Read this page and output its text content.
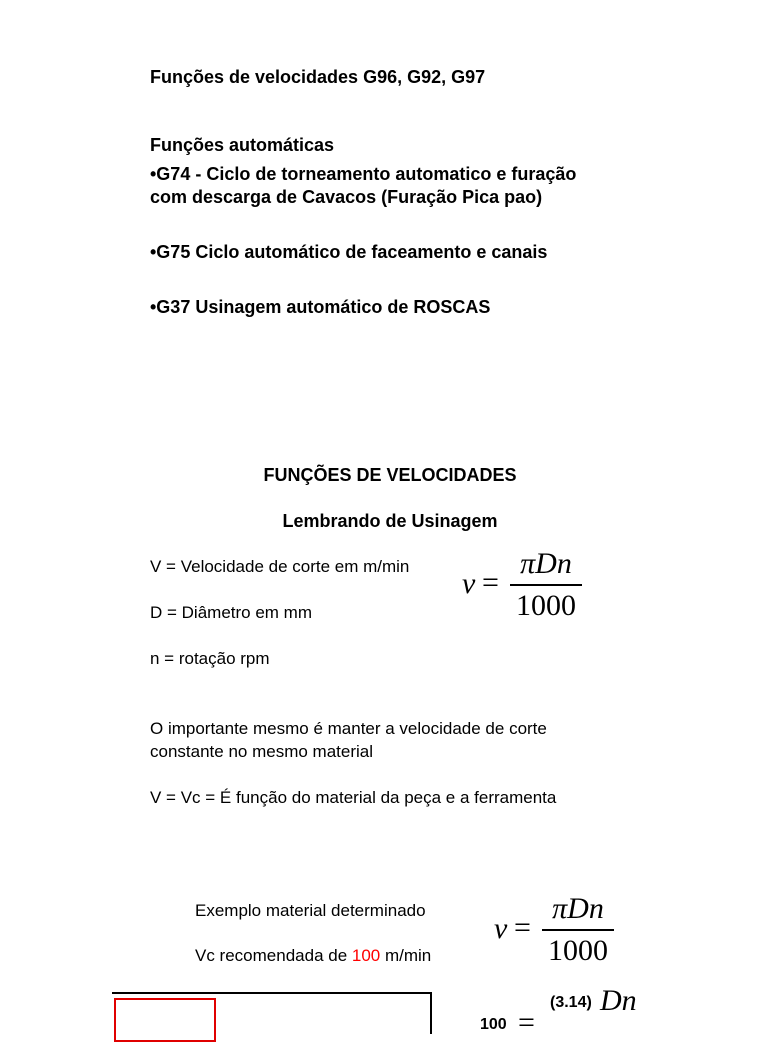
Funções de velocidades G96, G92, G97
Funções automáticas
•G74 - Ciclo de torneamento automatico e furação
com descarga de Cavacos (Furação Pica pao)
•G75 Ciclo automático de faceamento e canais
•G37 Usinagem automático de ROSCAS
FUNÇÕES DE VELOCIDADES
Lembrando de Usinagem
V = Velocidade de corte em m/min
D = Diâmetro em mm
n = rotação rpm
v =
πDn
1000
O importante mesmo é manter a velocidade de corte
constante no mesmo material
V = Vc = É função do material da peça e a ferramenta
Exemplo material determinado
Vc recomendada de 100 m/min
v =
πDn
1000
100 =
(3.14) Dn
